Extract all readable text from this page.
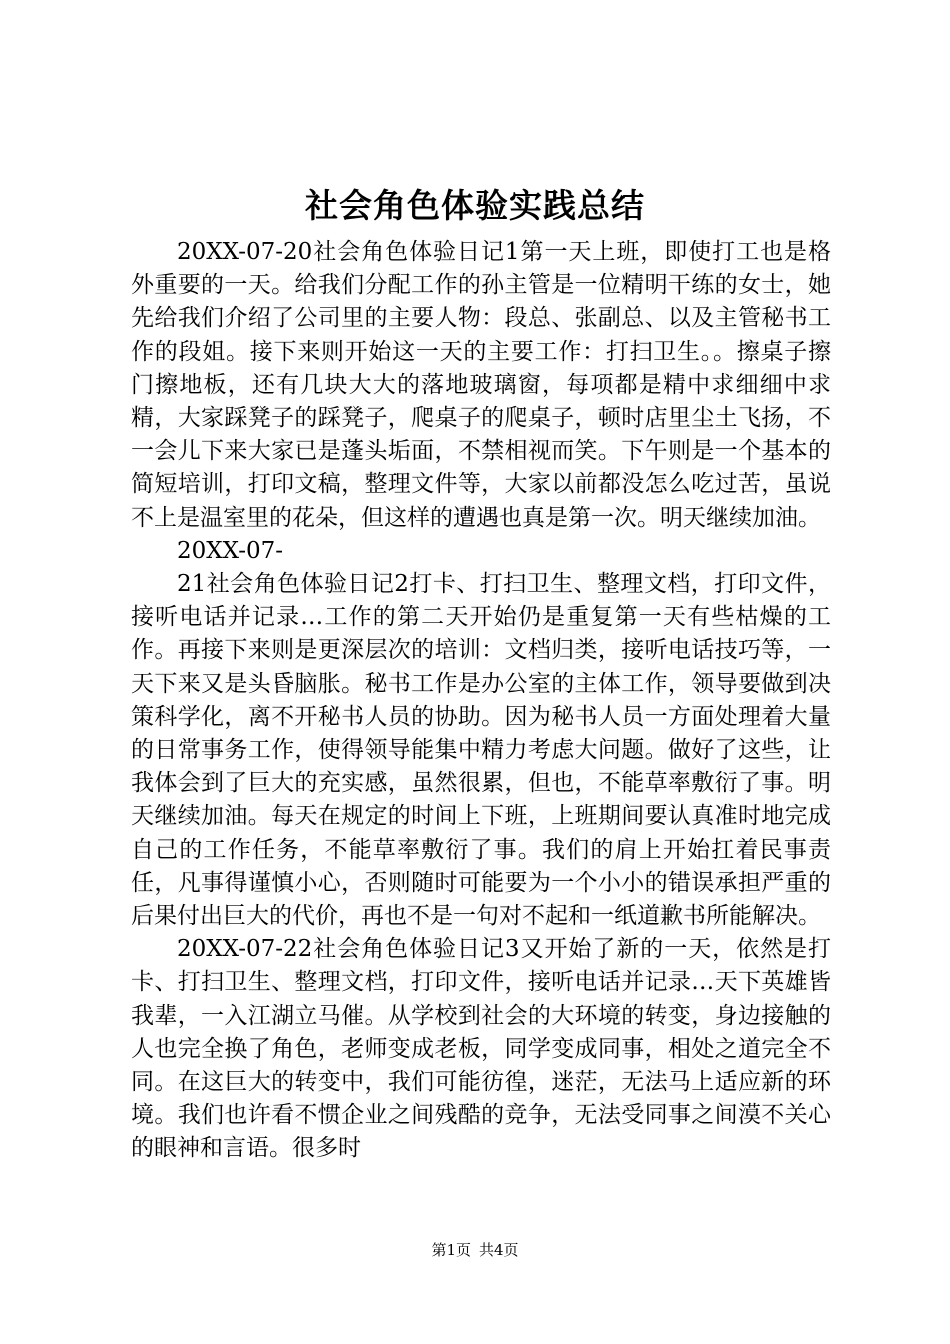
社会角色体验实践总结

20XX-07-20社会角色体验日记1第一天上班，即使打工也是格外重要的一天。给我们分配工作的孙主管是一位精明干练的女士，她先给我们介绍了公司里的主要人物：段总、张副总、以及主管秘书工作的段姐。接下来则开始这一天的主要工作：打扫卫生。。擦桌子擦门擦地板，还有几块大大的落地玻璃窗，每项都是精中求细细中求精，大家踩凳子的踩凳子，爬桌子的爬桌子，顿时店里尘土飞扬，不一会儿下来大家已是蓬头垢面，不禁相视而笑。下午则是一个基本的简短培训，打印文稿，整理文件等，大家以前都没怎么吃过苦，虽说不上是温室里的花朵，但这样的遭遇也真是第一次。明天继续加油。

20XX-07-

21社会角色体验日记2打卡、打扫卫生、整理文档，打印文件，接听电话并记录…工作的第二天开始仍是重复第一天有些枯燥的工作。再接下来则是更深层次的培训：文档归类，接听电话技巧等，一天下来又是头昏脑胀。秘书工作是办公室的主体工作，领导要做到决策科学化，离不开秘书人员的协助。因为秘书人员一方面处理着大量的日常事务工作，使得领导能集中精力考虑大问题。做好了这些，让我体会到了巨大的充实感，虽然很累，但也，不能草率敷衍了事。明天继续加油。每天在规定的时间上下班，上班期间要认真准时地完成自己的工作任务，不能草率敷衍了事。我们的肩上开始扛着民事责任，凡事得谨慎小心，否则随时可能要为一个小小的错误承担严重的后果付出巨大的代价，再也不是一句对不起和一纸道歉书所能解决。

20XX-07-22社会角色体验日记3又开始了新的一天，依然是打卡、打扫卫生、整理文档，打印文件，接听电话并记录…天下英雄皆我辈，一入江湖立马催。从学校到社会的大环境的转变，身边接触的人也完全换了角色，老师变成老板，同学变成同事，相处之道完全不同。在这巨大的转变中，我们可能彷徨，迷茫，无法马上适应新的环境。我们也许看不惯企业之间残酷的竞争，无法受同事之间漠不关心的眼神和言语。很多时

第1页 共4页
